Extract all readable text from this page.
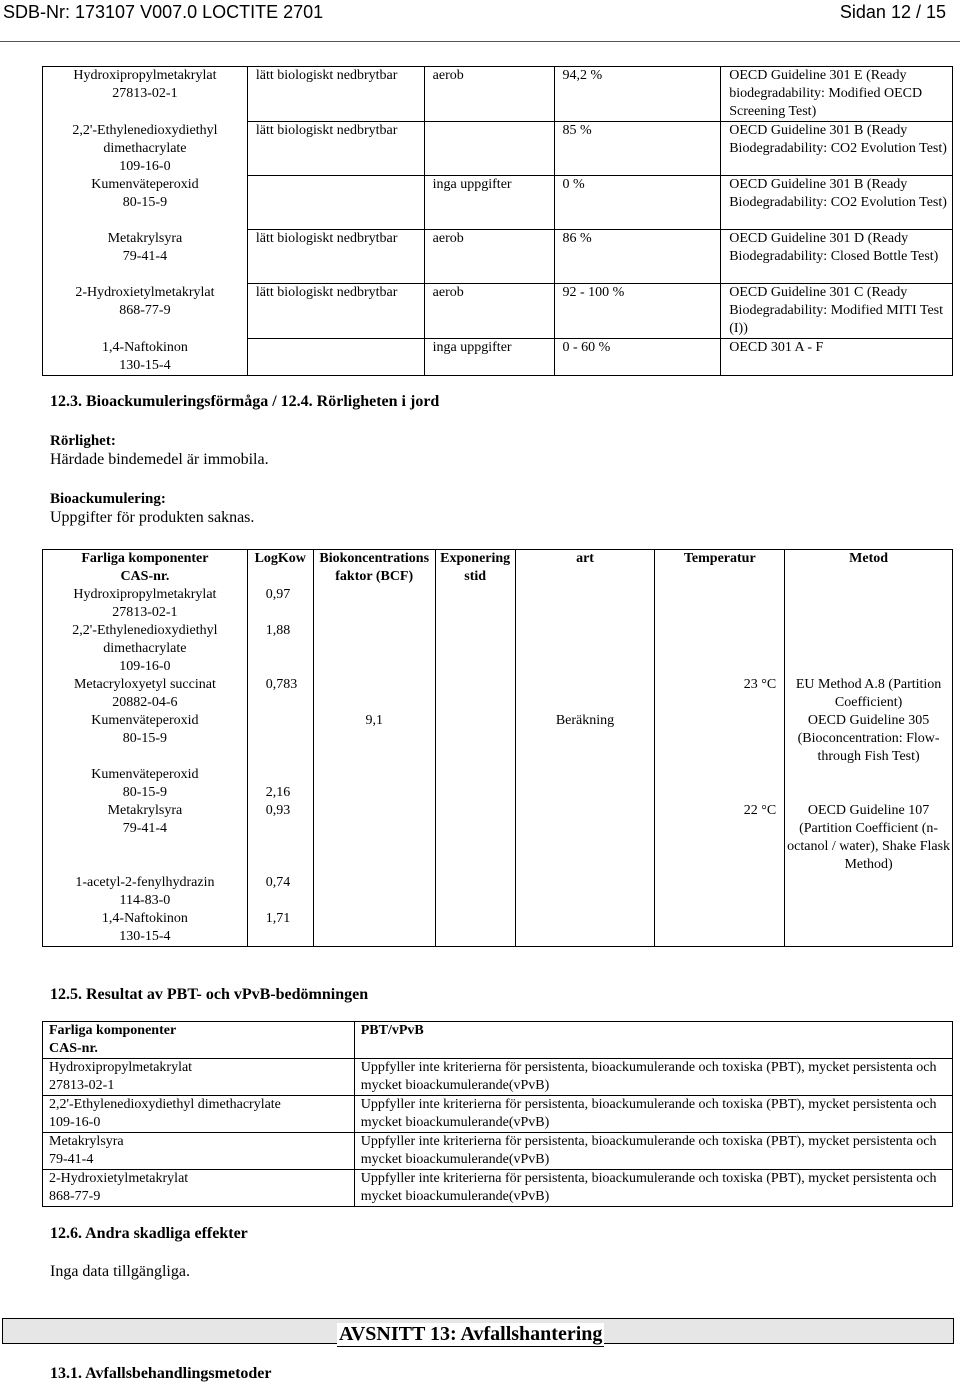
SDB-Nr: 173107 V007.0 LOCTITE 2701	Sidan 12 / 15
Hydroxipropylmetakrylat
27813-02-1	lätt biologiskt nedbrytbar	aerob	94,2 %	OECD Guideline 301 E (Ready biodegradability: Modified OECD Screening Test)

2,2'-Ethylenedioxydiethyl dimethacrylate
109-16-0	lätt biologiskt nedbrytbar		85 %	OECD Guideline 301 B (Ready Biodegradability: CO2 Evolution Test)

Kumenväteperoxid
80-15-9		inga uppgifter	0 %	OECD Guideline 301 B (Ready Biodegradability: CO2 Evolution Test)

Metakrylsyra
79-41-4	lätt biologiskt nedbrytbar	aerob	86 %	OECD Guideline 301 D (Ready Biodegradability: Closed Bottle Test)

2-Hydroxietylmetakrylat
868-77-9	lätt biologiskt nedbrytbar	aerob	92 - 100 %	OECD Guideline 301 C (Ready Biodegradability: Modified MITI Test (I))

1,4-Naftokinon
130-15-4		inga uppgifter	0 - 60 %	OECD 301 A - F
12.3. Bioackumuleringsförmåga / 12.4. Rörligheten i jord
Rörlighet:
Härdade bindemedel är immobila.
Bioackumulering:
Uppgifter för produkten saknas.
Farliga komponenter
CAS-nr.	LogKow	Biokoncentrations faktor (BCF)	Exponering stid	art	Temperatur	Metod

Hydroxipropylmetakrylat
27813-02-1	0,97					

2,2'-Ethylenedioxydiethyl dimethacrylate
109-16-0	1,88					

Metacryloxyetyl succinat
20882-04-6	0,783				23 °C	EU Method A.8 (Partition Coefficient)

Kumenväteperoxid
80-15-9		9,1		Beräkning		OECD Guideline 305 (Bioconcentration: Flow-through Fish Test)

Kumenväteperoxid
80-15-9	2,16					

Metakrylsyra
79-41-4	0,93				22 °C	OECD Guideline 107 (Partition Coefficient (n-octanol / water), Shake Flask Method)

1-acetyl-2-fenylhydrazin
114-83-0	0,74					

1,4-Naftokinon
130-15-4	1,71					
12.5. Resultat av PBT- och vPvB-bedömningen
Farliga komponenter
CAS-nr.	PBT/vPvB

Hydroxipropylmetakrylat
27813-02-1	Uppfyller inte kriterierna för persistenta, bioackumulerande och toxiska (PBT), mycket persistenta och mycket bioackumulerande(vPvB)

2,2'-Ethylenedioxydiethyl dimethacrylate
109-16-0	Uppfyller inte kriterierna för persistenta, bioackumulerande och toxiska (PBT), mycket persistenta och mycket bioackumulerande(vPvB)

Metakrylsyra
79-41-4	Uppfyller inte kriterierna för persistenta, bioackumulerande och toxiska (PBT), mycket persistenta och mycket bioackumulerande(vPvB)

2-Hydroxietylmetakrylat
868-77-9	Uppfyller inte kriterierna för persistenta, bioackumulerande och toxiska (PBT), mycket persistenta och mycket bioackumulerande(vPvB)
12.6. Andra skadliga effekter
Inga data tillgängliga.
AVSNITT 13: Avfallshantering
13.1. Avfallsbehandlingsmetoder
